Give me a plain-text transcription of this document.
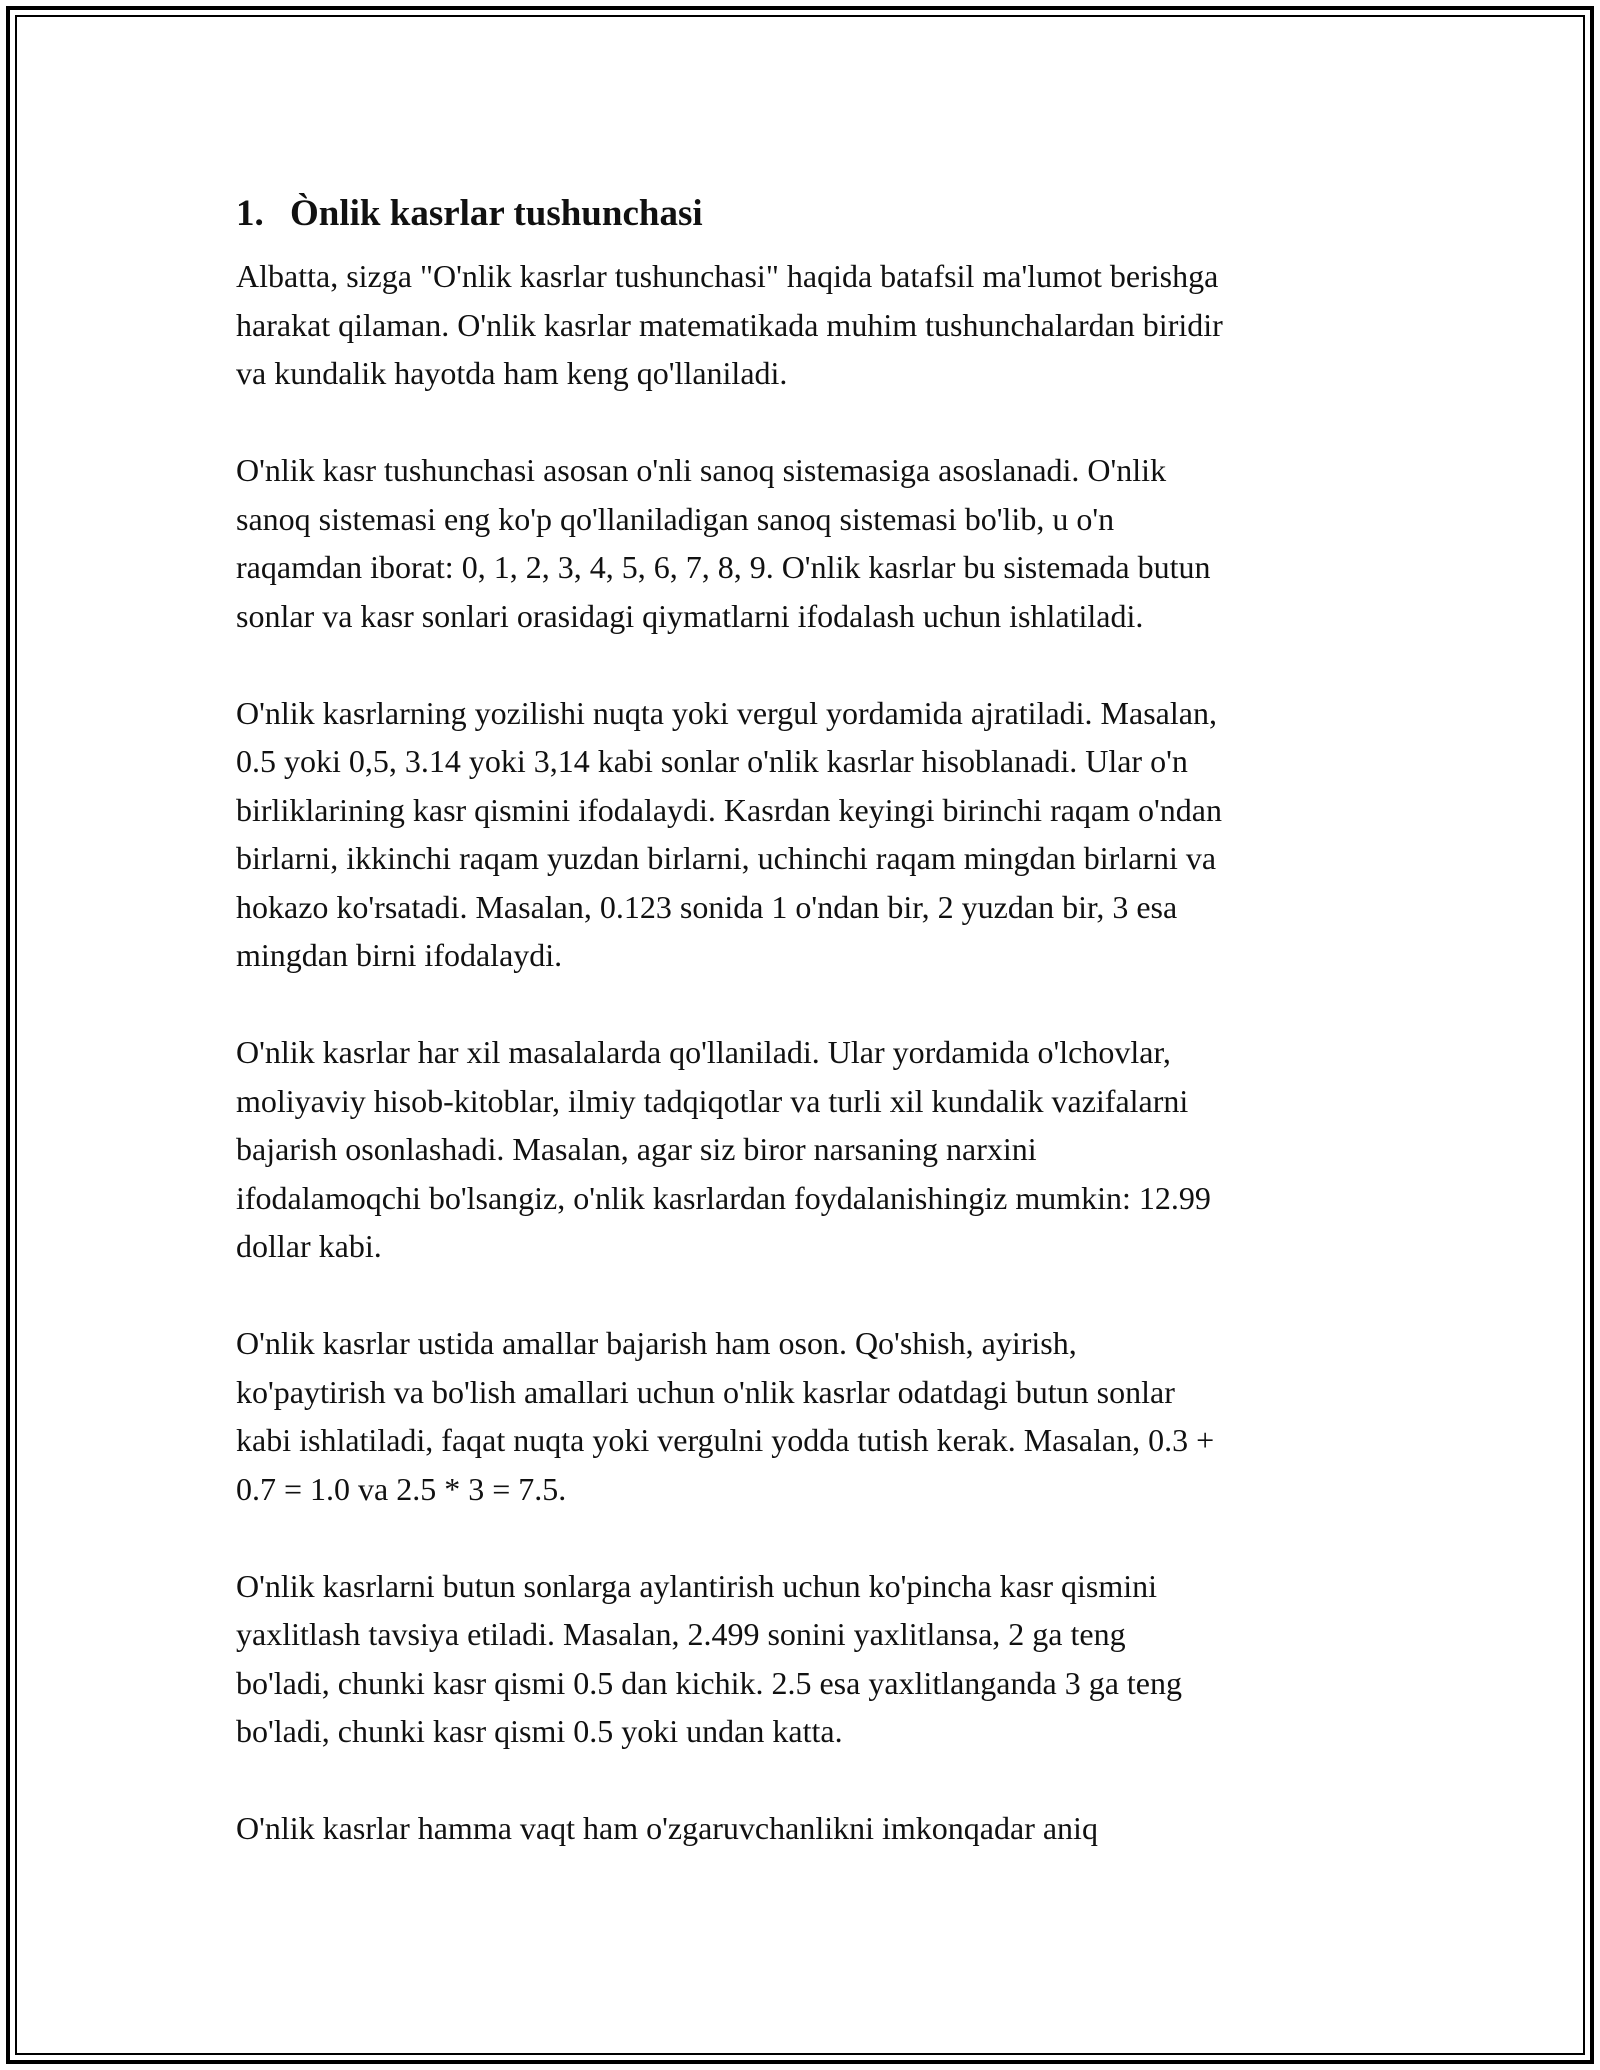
1. Ònlik kasrlar tushunchasi

Albatta, sizga "O'nlik kasrlar tushunchasi" haqida batafsil ma'lumot berishga
harakat qilaman. O'nlik kasrlar matematikada muhim tushunchalardan biridir
va kundalik hayotda ham keng qo'llaniladi.

O'nlik kasr tushunchasi asosan o'nli sanoq sistemasiga asoslanadi. O'nlik
sanoq sistemasi eng ko'p qo'llaniladigan sanoq sistemasi bo'lib, u o'n
raqamdan iborat: 0, 1, 2, 3, 4, 5, 6, 7, 8, 9. O'nlik kasrlar bu sistemada butun
sonlar va kasr sonlari orasidagi qiymatlarni ifodalash uchun ishlatiladi.

O'nlik kasrlarning yozilishi nuqta yoki vergul yordamida ajratiladi. Masalan,
0.5 yoki 0,5, 3.14 yoki 3,14 kabi sonlar o'nlik kasrlar hisoblanadi. Ular o'n
birliklarining kasr qismini ifodalaydi. Kasrdan keyingi birinchi raqam o'ndan
birlarni, ikkinchi raqam yuzdan birlarni, uchinchi raqam mingdan birlarni va
hokazo ko'rsatadi. Masalan, 0.123 sonida 1 o'ndan bir, 2 yuzdan bir, 3 esa
mingdan birni ifodalaydi.

O'nlik kasrlar har xil masalalarda qo'llaniladi. Ular yordamida o'lchovlar,
moliyaviy hisob-kitoblar, ilmiy tadqiqotlar va turli xil kundalik vazifalarni
bajarish osonlashadi. Masalan, agar siz biror narsaning narxini
ifodalamoqchi bo'lsangiz, o'nlik kasrlardan foydalanishingiz mumkin: 12.99
dollar kabi.

O'nlik kasrlar ustida amallar bajarish ham oson. Qo'shish, ayirish,
ko'paytirish va bo'lish amallari uchun o'nlik kasrlar odatdagi butun sonlar
kabi ishlatiladi, faqat nuqta yoki vergulni yodda tutish kerak. Masalan, 0.3 +
0.7 = 1.0 va 2.5 * 3 = 7.5.

O'nlik kasrlarni butun sonlarga aylantirish uchun ko'pincha kasr qismini
yaxlitlash tavsiya etiladi. Masalan, 2.499 sonini yaxlitlansa, 2 ga teng
bo'ladi, chunki kasr qismi 0.5 dan kichik. 2.5 esa yaxlitlanganda 3 ga teng
bo'ladi, chunki kasr qismi 0.5 yoki undan katta.

O'nlik kasrlar hamma vaqt ham o'zgaruvchanlikni imkonqadar aniq
